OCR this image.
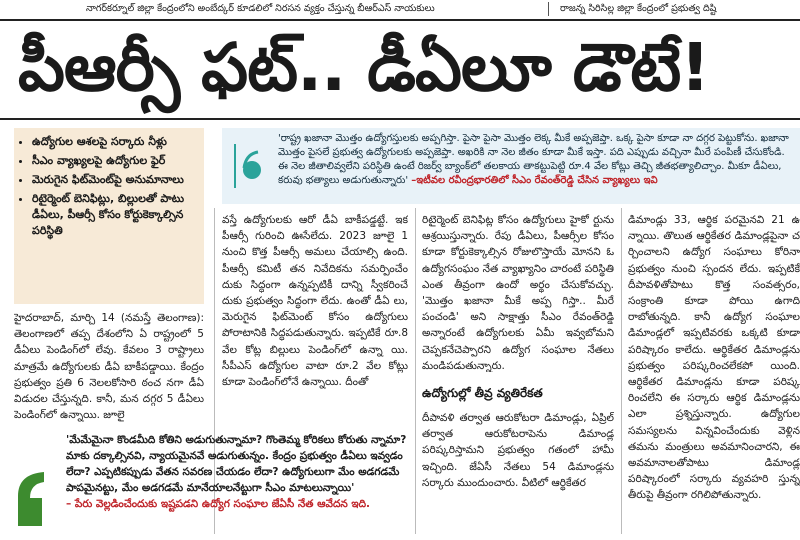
నాగర్‌కర్నూల్ జిల్లా కేంద్రంలోని అంబేద్కర్ కూడలిలో నిరసన వ్యక్తం చేస్తున్న బీఆర్‌ఎస్ నాయకులు	రాజన్న సిరిసిల్ల జిల్లా కేంద్రంలో ప్రభుత్వ దిష్టి
పీఆర్సీ ఫట్.. డీఏలూ డౌటే!
• ఉద్యోగుల ఆశలపై సర్కారు నీళ్లు
• సీఎం వ్యాఖ్యలపై ఉద్యోగుల ఫైర్
• మెరుగైన ఫిట్‌మెంట్‌పై అనుమానాలు
• రిటైర్మెంట్ బెనిఫిట్లు, బిల్లులతో పాటు డీఏలు, పీఆర్సీ కోసం కోర్టుకెక్కాల్సిన పరిస్థితి
'రాష్ట్ర ఖజానా మొత్తం ఉద్యోగస్తులకు అప్పగిస్తా. పైసా పైసా మొత్తం లెక్క మీకే అప్పజెప్తా. ఒక్క పైసా కూడా నా దగ్గర పెట్టుకోను. ఖజానా మొత్తం పైసలే ప్రభుత్వ ఉద్యోగులకు అప్పజెప్తా. అఖరికి నా నెల జీతం కూడా మీకే ఇస్తా. పది ఎప్పుడు వచ్చినా మీరే పంపిణీ చేసుకోండి. ఈ నెల జీతాలివ్వలేని పరిస్థితి ఉంటే రిజర్వ్ బ్యాంక్‌లో తలకాయ తాకట్టుపెట్టి రూ.4 వేల కోట్లు తెచ్చి జీతభత్యాలిచ్చాం. మీకూ డీఏలు, కరువు భత్యాలు అడుగుతున్నారు' –ఇటీవల రవీంద్రభారతిలో సీఎం రేవంత్‌రెడ్డి చేసిన వ్యాఖ్యలు ఇవి
హైదరాబాద్, మార్చి 14 (నమస్తే తెలంగాణ): తెలంగాణలో తప్ప దేశంలోని ఏ రాష్ట్రంలో 5 డీఏలు పెండింగ్‌లో లేవు. కేవలం 3 రాష్ట్రాలు మాత్రమే ఉద్యోగులకు డీఏ బాకీపడ్డాయి. కేంద్రం ప్రభుత్వం ప్రతి 6 నెలలకోసారి ఠంచ నగా డీఏ విడుదల చేస్తున్నది. కానీ, మన దగ్గర 5 డీఏలు పెండింగ్‌లో ఉన్నాయి. జూలై
వస్తే ఉద్యోగులకు ఆరో డీఏ బాకీపడ్డట్టే. ఇక పీఆర్సీ గురించి ఊసేలేదు. 2023 జూలై 1 నుంచి కొత్త పీఆర్సీ అమలు చేయాల్సి ఉంది. పీఆర్సీ కమిటీ తన నివేదికను సమర్పించేం దుకు సిద్ధంగా ఉన్నప్పటికీ దాన్ని స్వీకరించే దుకు ప్రభుత్వం సిద్ధంగా లేదు. ఉంతో డీఏ లు, మెరుగైన ఫిట్‌మెంట్ కోసం ఉద్యోగులు పోరాటానికి సిద్ధపడుతున్నారు. ఇప్పటికే రూ.8 వేల కోట్ల బిల్లులు పెండింగ్‌లో ఉన్నా యి. సీపీఎస్ ఉద్యోగుల వాటా రూ.2 వేల కోట్లు కూడా పెండింగ్‌లోనే ఉన్నాయి. దీంతో
రిటైర్మెంట్ బెనిఫిట్ల కోసం ఉద్యోగులు హైకో ర్టును ఆశ్రయిస్తున్నారు. రేపు డీఏలు, పీఆర్సీల కోసం కూడా కోర్టుకెక్కాల్సిన రోజులొస్తాయే మోనని ఓ ఉద్యోగసంఘం నేత వ్యాఖ్యానిం చారంటే పరిస్థితి ఎంత తీవ్రంగా ఉందో అర్థం చేసుకోవచ్చు. 'మొత్తం ఖజానా మీకే అప్ప గిస్తా.. మీరే పంచండి' అని సాక్షాత్తు సీఎం రేవంత్‌రెడ్డి అన్నారంటే ఉద్యోగులకు ఏమీ ఇవ్వబోమని చెప్పకనేచెప్పారని ఉద్యోగ సంఘాల నేతలు మండిపడుతున్నారు.
ఉద్యోగుల్లో తీవ్ర వ్యతిరేకత
దీపావళి తర్వాత ఆరుకోటరా డిమాండ్లు, ఏప్రిల్ తర్వాత ఆరుకోటరాపెను డిమాండ్ల పరిష్కరిస్తామని ప్రభుత్వం గతంలో హామీ ఇచ్చింది. జేఏసీ నేతలు 54 డిమాండ్లను సర్కారు ముందుంచారు. వీటిలో ఆర్థికేతర
డిమాండ్లు 33, ఆర్థిక పరమైనవి 21 ఉ న్నాయి. తొలుత ఆర్థికేతర డిమాండ్లపైనా చ ర్చించాలని ఉద్యోగ సంఘాలు కోరినా ప్రభుత్వం నుంచి స్పందన లేదు. ఇప్పటికే దీపావళితోపాటు కొత్త సంవత్సరం, సంక్రాంతి కూడా పోయి ఉగాది రాబోతున్నది. కానీ ఉద్యోగ సంఘాల డిమాండ్లలో ఇప్పటివరకు ఒక్కటి కూడా పరిష్కారం కాలేదు. ఆర్థికేతర డిమాండ్లను ప్రభుత్వం పరిష్కరించలేకపో యింది. ఆర్థికేతర డిమాండ్లను కూడా పరిష్క రించలేని ఈ సర్కారు ఆర్థిక డిమాండ్లను ఎలా ప్రశ్నిస్తున్నారు. ఉద్యోగుల సమస్యలను విన్నవించేందుకు వెళ్లిన తమను మంత్రులు అవమానించారని, ఈ అవమానాలతోపాటు డిమాండ్ల పరిష్కారంలో సర్కారు వ్యవహరి స్తున్న తీరుపై తీవ్రంగా రగిలిపోతున్నారు.
'మేమేమైనా కొండమీది కోతిని అడుగుతున్నామా? గొంతెమ్మ కోరికలు కోరుతు న్నామా? మాకు దక్కాల్సినవి, న్యాయమైనవే అడుగుతున్నం. కేంద్రం ప్రభుత్వం డీఏలు ఇవ్వడం లేదా? ఎప్పటికప్పుడు వేతన సవరణ చేయడం లేదా? ఉద్యోగులుగా మేం అడగడమే పాపమైనట్టు, మేం అడగడమే మానేయాలనేట్టుగా సీఎం మాటలున్నాయి'
– పేరు వెల్లడించేందుకు ఇష్టపడని ఉద్యోగ సంఘాల జేఏసీ నేత ఆవేదన ఇది.
